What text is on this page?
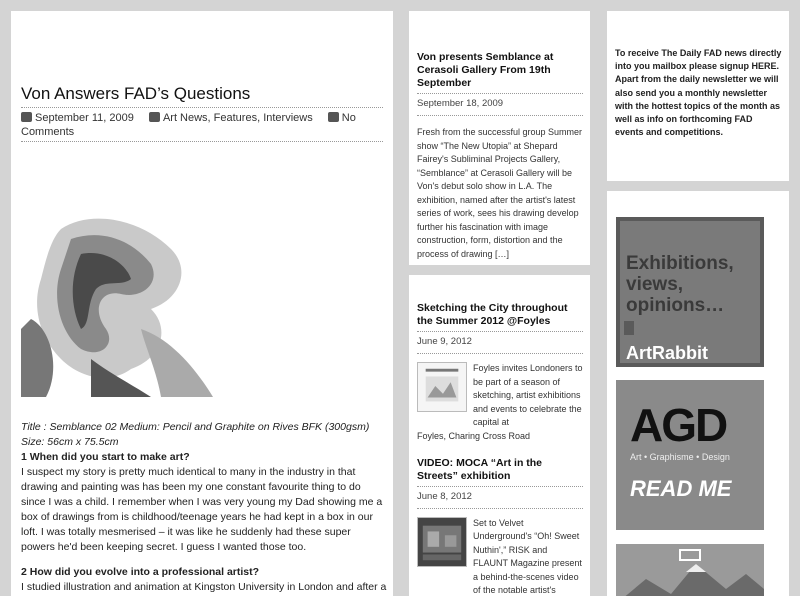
Von Answers FAD’s Questions
September 11, 2009	Art News, Features, Interviews	No Comments

Title : Semblance 02 Medium: Pencil and Graphite on Rives BFK (300gsm) Size: 56cm x 75.5cm

1 When did you start to make art?

I suspect my story is pretty much identical to many in the industry in that drawing and painting was has been my one constant favourite thing to do since I was a child. I remember when I was very young my Dad showing me a box of drawings from is childhood/teenage years he had kept in a box in our loft. I was totally mesmerised – it was like he suddenly had these super powers he'd been keeping secret. I guess I wanted those too.

2 How did you evolve into a professional artist?

I studied illustration and animation at Kingston University in London and after a

Von presents Semblance at Cerasoli Gallery From 19th September
September 18, 2009
Fresh from the successful group Summer show “The New Utopia” at Shepard Fairey's Subliminal Projects Gallery, “Semblance” at Cerasoli Gallery will be Von's debut solo show in L.A. The exhibition, named after the artist's latest series of work, sees his drawing develop further his fascination with image construction, form, distortion and the process of drawing […]
Sketching the City throughout the Summer 2012 @Foyles
June 9, 2012
Foyles invites Londoners to be part of a season of sketching, artist exhibitions and events to celebrate the capital at
Foyles, Charing Cross Road
VIDEO: MOCA “Art in the Streets” exhibition
June 8, 2012
Set to Velvet Underground's “Oh! Sweet Nuthin',” RISK and FLAUNT Magazine present a behind-the-scenes video of the notable artist's
To receive The Daily FAD news directly into you mailbox please signup HERE. Apart from the daily newsletter we will also send you a monthly newsletter with the hottest topics of the month as well as info on forthcoming FAD events and competitions.
Exhibitions, views, opinions…
ArtRabbit
AGD
Art • Graphisme • Design
READ ME
